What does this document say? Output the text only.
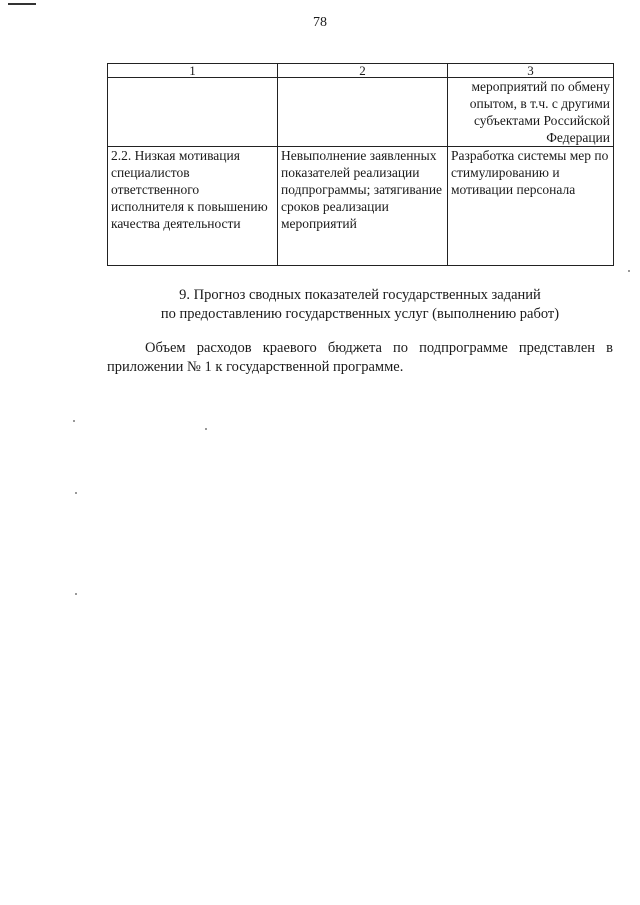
78
1	2	3
		мероприятий по обмену опытом, в т.ч. с другими субъектами Российской Федерации
2.2. Низкая мотивация специалистов ответственного исполнителя к повышению качества деятельности	Невыполнение заявленных показателей реализации подпрограммы; затягивание сроков реализации мероприятий	Разработка системы мер по стимулированию и мотивации персонала
9. Прогноз сводных показателей государственных заданий
по предоставлению государственных услуг (выполнению работ)
Объем расходов краевого бюджета по подпрограмме представлен в приложении № 1 к государственной программе.
